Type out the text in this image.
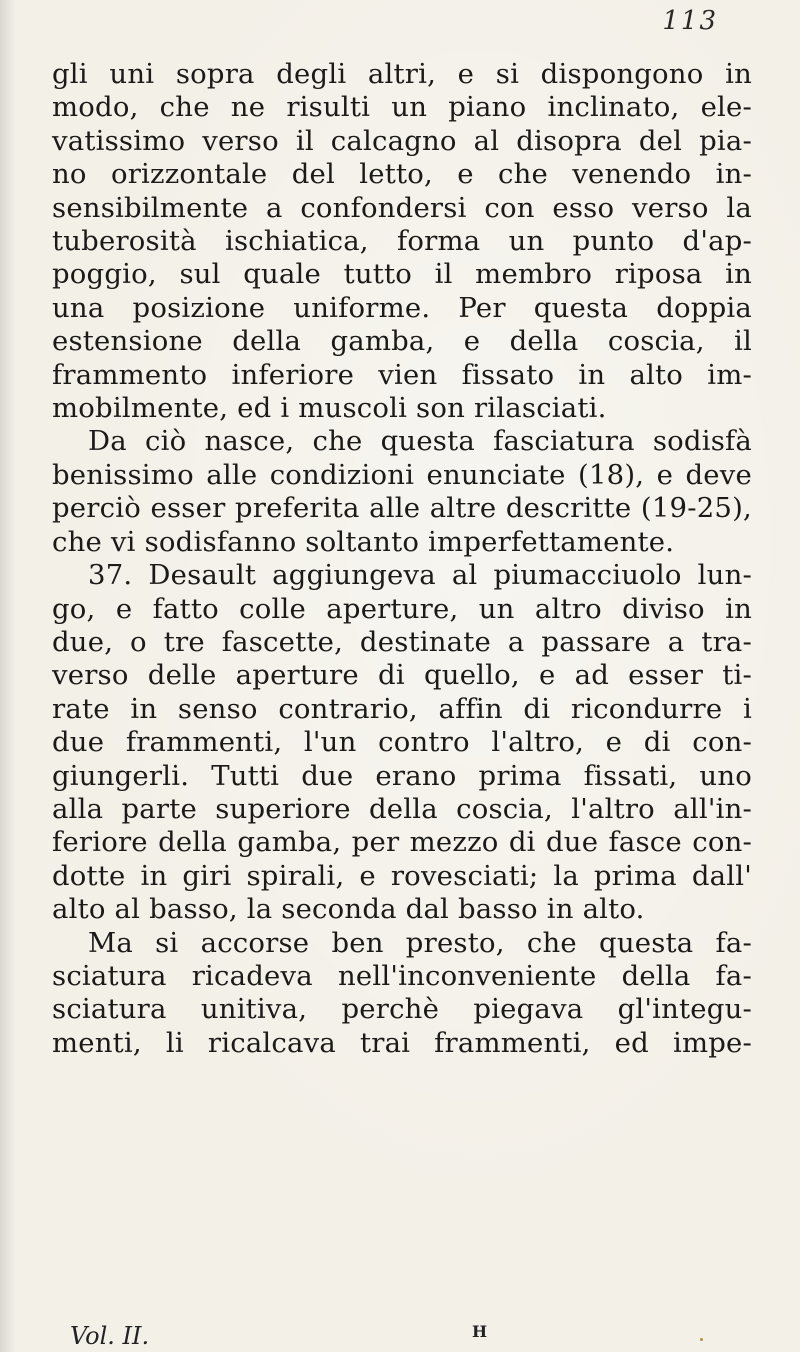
113
gli uni sopra degli altri, e si dispongono in
modo, che ne risulti un piano inclinato, ele-
vatissimo verso il calcagno al disopra del pia-
no orizzontale del letto, e che venendo in-
sensibilmente a confondersi con esso verso la
tuberosità ischiatica, forma un punto d'ap-
poggio, sul quale tutto il membro riposa in
una posizione uniforme. Per questa doppia
estensione della gamba, e della coscia, il
frammento inferiore vien fissato in alto im-
mobilmente, ed i muscoli son rilasciati.
Da ciò nasce, che questa fasciatura sodisfà
benissimo alle condizioni enunciate (18), e deve
perciò esser preferita alle altre descritte (19-25),
che vi sodisfanno soltanto imperfettamente.
37. Desault aggiungeva al piumacciuolo lun-
go, e fatto colle aperture, un altro diviso in
due, o tre fascette, destinate a passare a tra-
verso delle aperture di quello, e ad esser ti-
rate in senso contrario, affin di ricondurre i
due frammenti, l'un contro l'altro, e di con-
giungerli. Tutti due erano prima fissati, uno
alla parte superiore della coscia, l'altro all'in-
feriore della gamba, per mezzo di due fasce con-
dotte in giri spirali, e rovesciati; la prima dall'
alto al basso, la seconda dal basso in alto.
Ma si accorse ben presto, che questa fa-
sciatura ricadeva nell'inconveniente della fa-
sciatura unitiva, perchè piegava gl'integu-
menti, li ricalcava trai frammenti, ed impe-
Vol. II.	H
